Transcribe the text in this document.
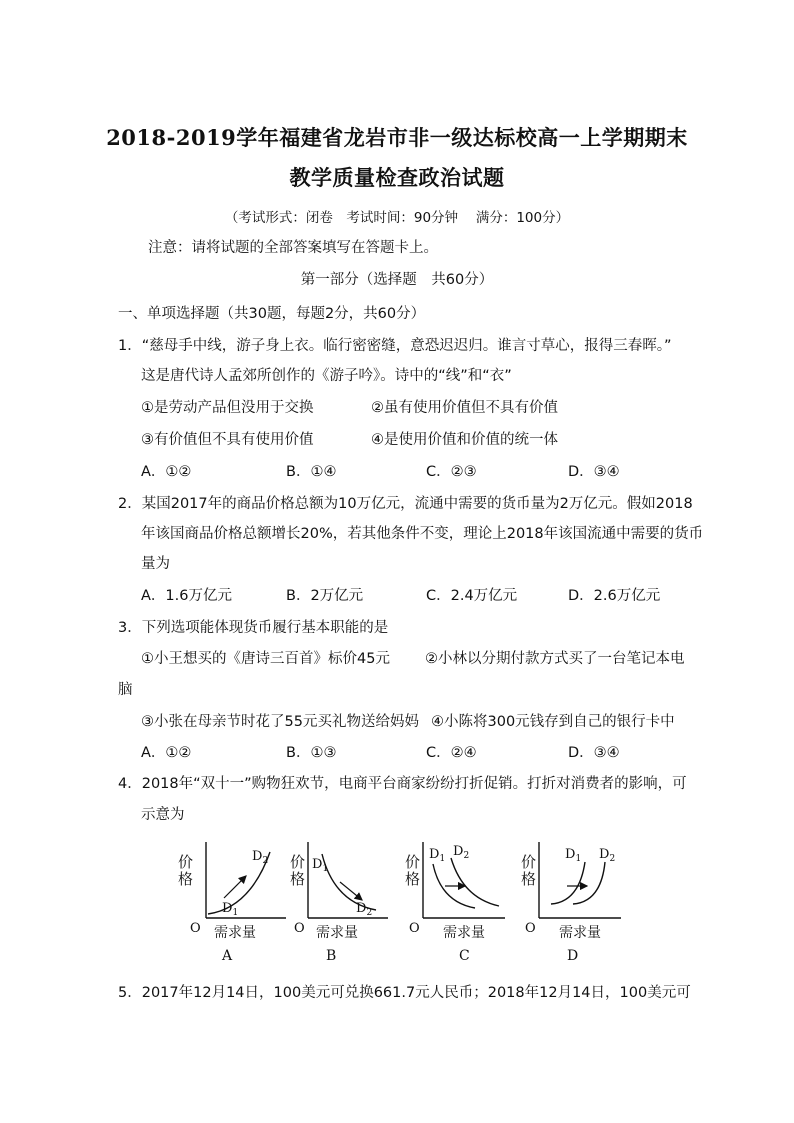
2018-2019学年福建省龙岩市非一级达标校高一上学期期末
教学质量检查政治试题
（考试形式：闭卷　考试时间：90分钟　 满分：100分）
注意：请将试题的全部答案填写在答题卡上。
第一部分（选择题　共60分）
一、单项选择题（共30题，每题2分，共60分）
1．“慈母手中线，游子身上衣。临行密密缝，意恐迟迟归。谁言寸草心，报得三春晖。”
这是唐代诗人孟郊所创作的《游子吟》。诗中的“线”和“衣”
①是劳动产品但没用于交换	②虽有使用价值但不具有价值
③有价值但不具有使用价值	④是使用价值和价值的统一体
A．①②	B．①④	C．②③	D．③④
2．某国2017年的商品价格总额为10万亿元，流通中需要的货币量为2万亿元。假如2018
年该国商品价格总额增长20%，若其他条件不变，理论上2018年该国流通中需要的货币
量为
A．1.6万亿元	B．2万亿元	C．2.4万亿元	D．2.6万亿元
3．下列选项能体现货币履行基本职能的是
①小王想买的《唐诗三百首》标价45元 ②小林以分期付款方式买了一台笔记本电
脑
③小张在母亲节时花了55元买礼物送给妈妈 ④小陈将300元钱存到自己的银行卡中
A．①②	B．①③	C．②④	D．③④
4．2018年“双十一”购物狂欢节，电商平台商家纷纷打折促销。打折对消费者的影响，可
示意为
价
格
O 需求量
$D_2$
$D_1$
A
价
格
O 需求量
$D_1$
$D_2$
B
价
格
O 需求量
$D_1$ $D_2$
C
价
格
O 需求量
$D_1$ $D_2$
D
5．2017年12月14日，100美元可兑换661.7元人民币；2018年12月14日，100美元可
